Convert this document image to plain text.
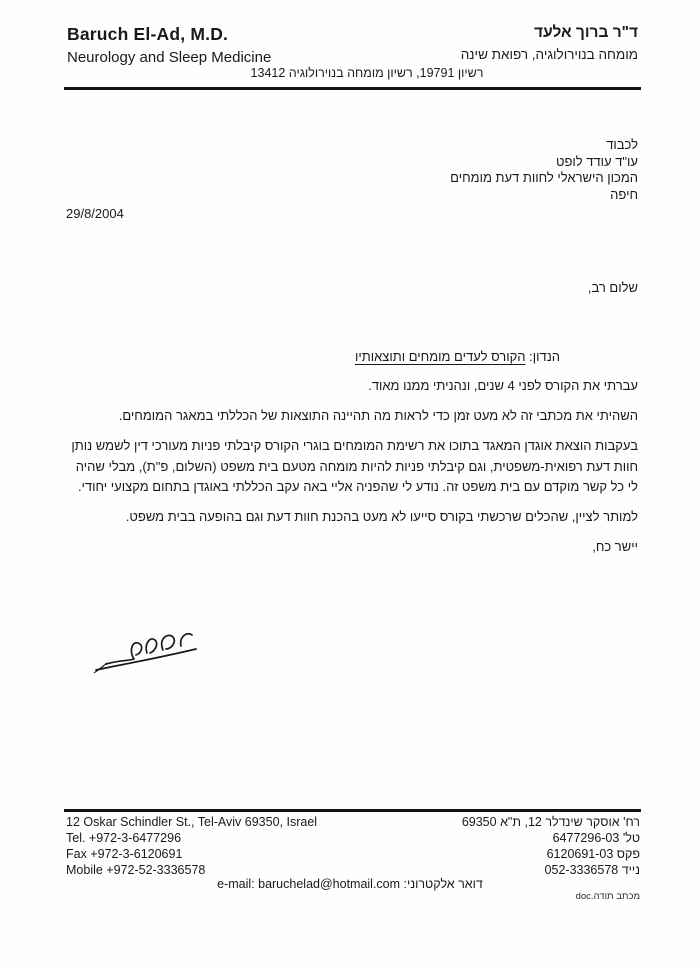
Baruch El-Ad, M.D.
Neurology and Sleep Medicine
ד"ר ברוך אלעד
מומחה בנוירולוגיה, רפואת שינה
רשיון 19791, רשיון מומחה בנוירולוגיה 13412
לכבוד
עו"ד עודד לופט
המכון הישראלי לחוות דעת מומחים
חיפה
29/8/2004
שלום רב,
הנדון: הקורס לעדים מומחים ותוצאותיו

עברתי את הקורס לפני 4 שנים, ונהניתי ממנו מאוד.

השהיתי את מכתבי זה לא מעט זמן כדי לראות מה תהיינה התוצאות של הכללתי במאגר המומחים.

בעקבות הוצאת אוגדן המאגד בתוכו את רשימת המומחים בוגרי הקורס קיבלתי פניות מעורכי דין לשמש נותן חוות דעת רפואית-משפטית, וגם קיבלתי פניות להיות מומחה מטעם בית משפט (השלום, פ"ת), מבלי שהיה לי כל קשר מוקדם עם בית משפט זה. נודע לי שהפניה אליי באה עקב הכללתי באוגדן בתחום מקצועי יחודי.

למותר לציין, שהכלים שרכשתי בקורס סייעו לא מעט בהכנת חוות דעת וגם בהופעה בבית משפט.

יישר כח,

12 Oskar Schindler St., Tel-Aviv 69350, Israel
Tel. +972-3-6477296
Fax +972-3-6120691
Mobile +972-52-3336578
רח' אוסקר שינדלר 12, ת"א 69350
טל' 6477296-03
פקס 6120691-03
נייד 052-3336578
דואר אלקטרוני: e-mail: baruchelad@hotmail.com
מכתב תודה.doc
